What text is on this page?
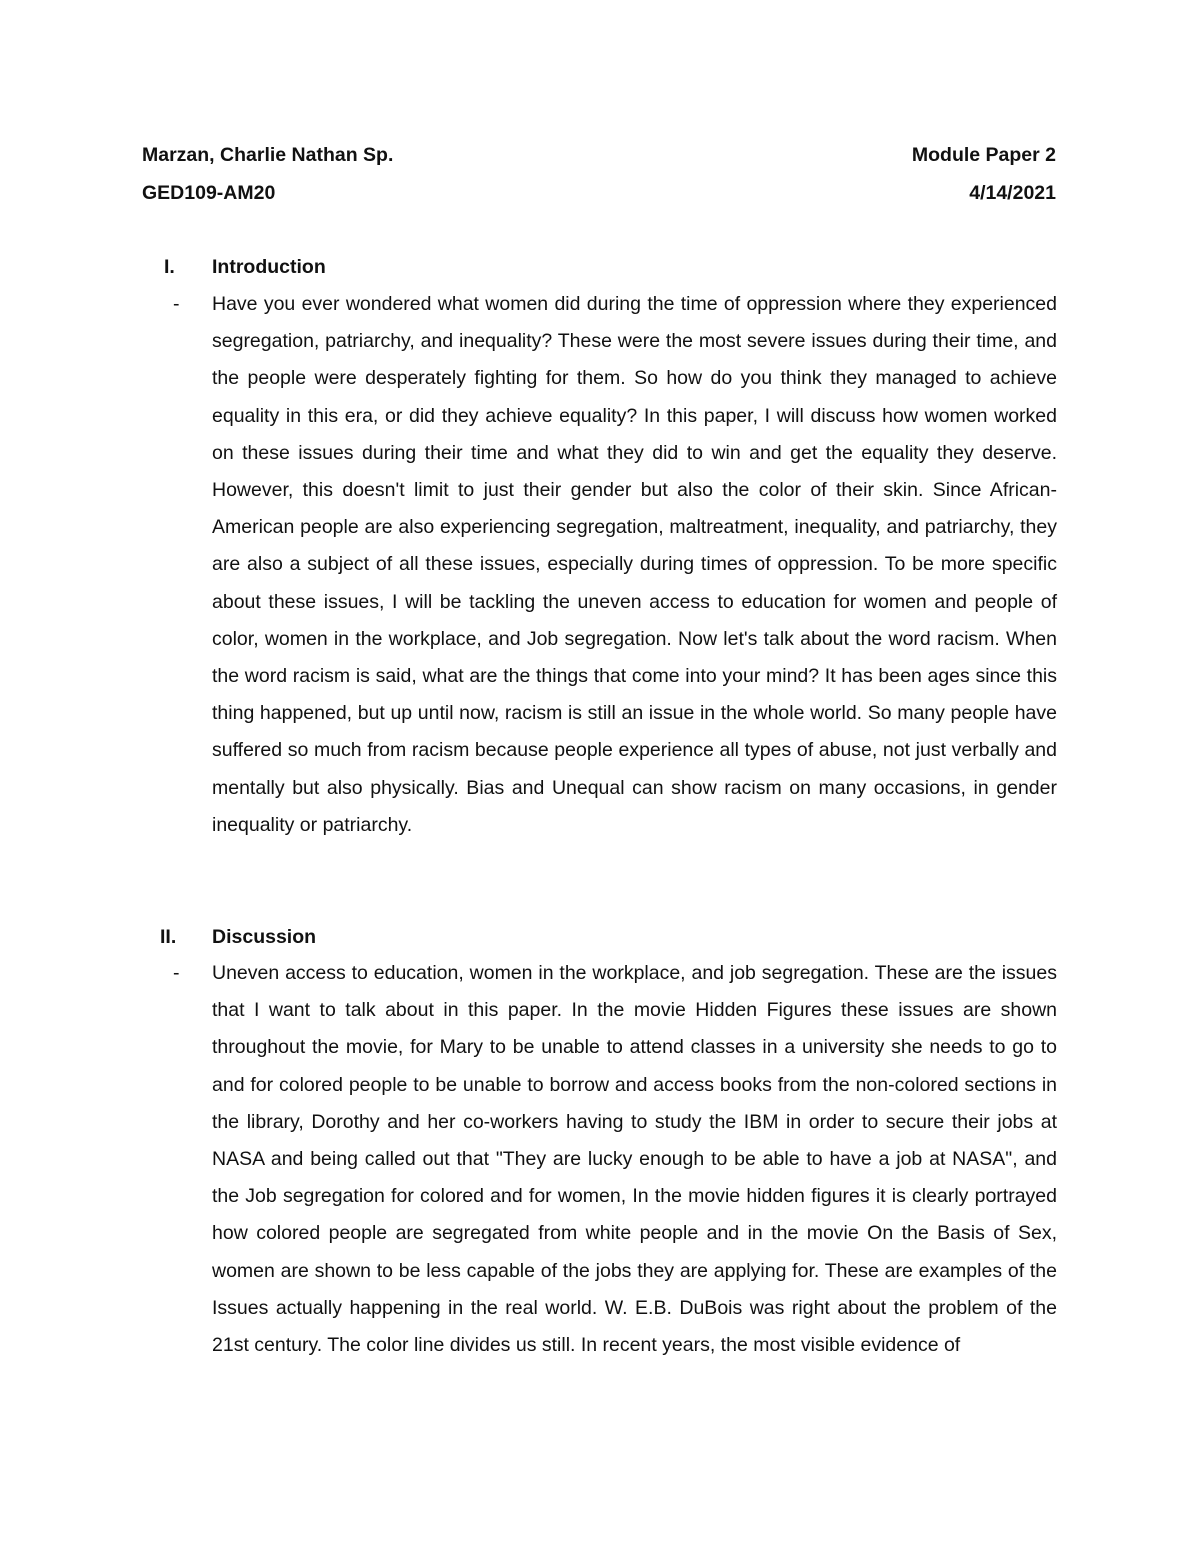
Marzan, Charlie Nathan Sp.	Module Paper 2
GED109-AM20	4/14/2021
I. Introduction
- Have you ever wondered what women did during the time of oppression where they experienced segregation, patriarchy, and inequality? These were the most severe issues during their time, and the people were desperately fighting for them. So how do you think they managed to achieve equality in this era, or did they achieve equality? In this paper, I will discuss how women worked on these issues during their time and what they did to win and get the equality they deserve. However, this doesn't limit to just their gender but also the color of their skin. Since African-American people are also experiencing segregation, maltreatment, inequality, and patriarchy, they are also a subject of all these issues, especially during times of oppression. To be more specific about these issues, I will be tackling the uneven access to education for women and people of color, women in the workplace, and Job segregation. Now let's talk about the word racism. When the word racism is said, what are the things that come into your mind? It has been ages since this thing happened, but up until now, racism is still an issue in the whole world. So many people have suffered so much from racism because people experience all types of abuse, not just verbally and mentally but also physically. Bias and Unequal can show racism on many occasions, in gender inequality or patriarchy.

II. Discussion
- Uneven access to education, women in the workplace, and job segregation. These are the issues that I want to talk about in this paper. In the movie Hidden Figures these issues are shown throughout the movie, for Mary to be unable to attend classes in a university she needs to go to and for colored people to be unable to borrow and access books from the non-colored sections in the library, Dorothy and her co-workers having to study the IBM in order to secure their jobs at NASA and being called out that "They are lucky enough to be able to have a job at NASA", and the Job segregation for colored and for women, In the movie hidden figures it is clearly portrayed how colored people are segregated from white people and in the movie On the Basis of Sex, women are shown to be less capable of the jobs they are applying for. These are examples of the Issues actually happening in the real world. W. E.B. DuBois was right about the problem of the 21st century. The color line divides us still. In recent years, the most visible evidence of
